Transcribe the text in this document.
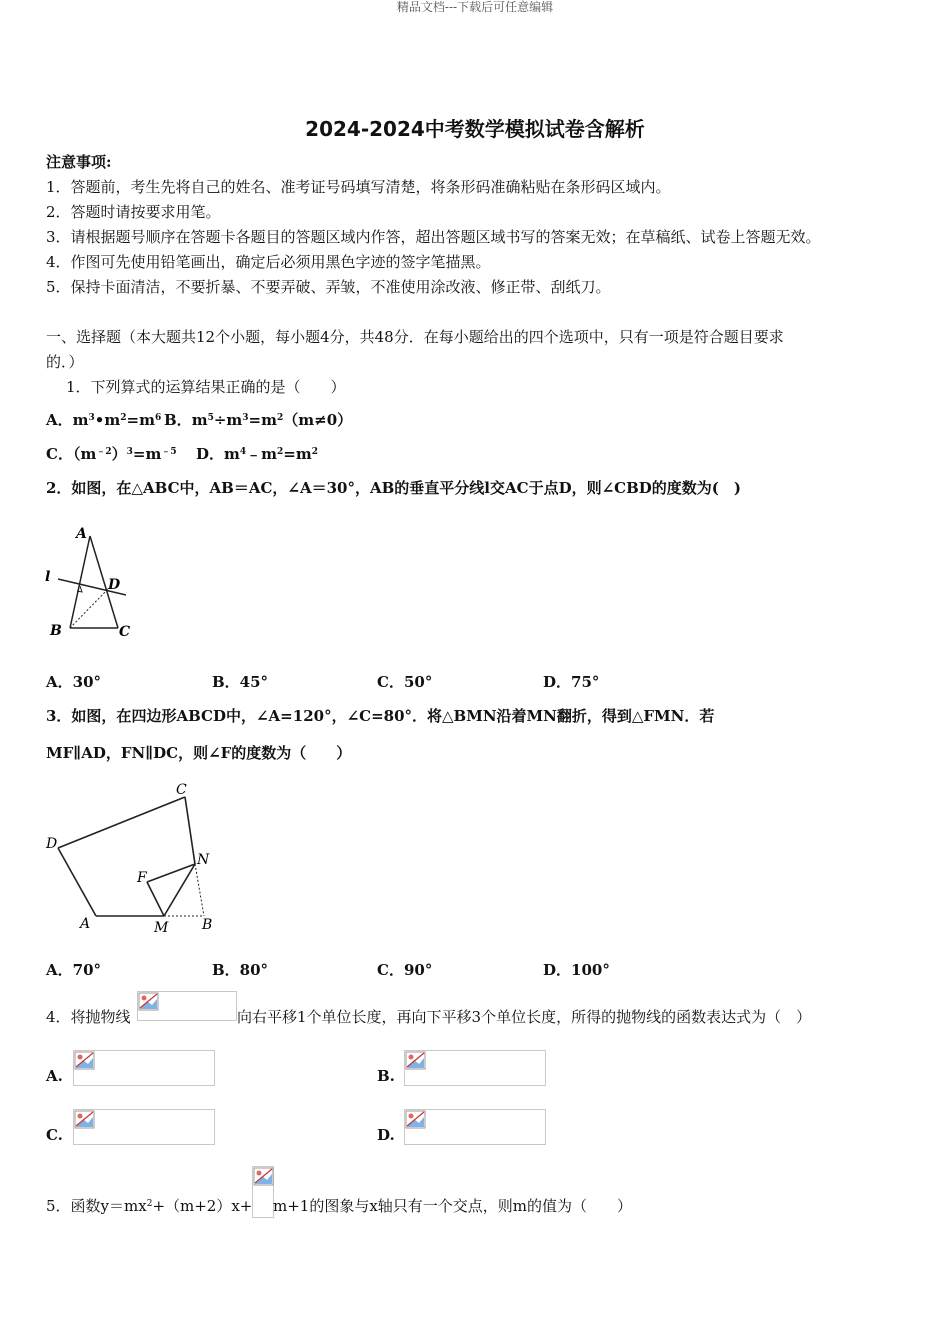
精品文档---下载后可任意编辑
2024-2024中考数学模拟试卷含解析
注意事项:
1．答题前，考生先将自己的姓名、准考证号码填写清楚，将条形码准确粘贴在条形码区域内。
2．答题时请按要求用笔。
3．请根据题号顺序在答题卡各题目的答题区域内作答，超出答题区域书写的答案无效；在草稿纸、试卷上答题无效。
4．作图可先使用铅笔画出，确定后必须用黑色字迹的签字笔描黑。
5．保持卡面清洁，不要折暴、不要弄破、弄皱，不准使用涂改液、修正带、刮纸刀。
一、选择题（本大题共12个小题，每小题4分，共48分．在每小题给出的四个选项中，只有一项是符合题目要求
的．）
1．下列算式的运算结果正确的是（　　）
A．$m^3•m^2=m^6$ B．$m^5\div m^3=m^2(m\ne 0)$
C．$(m^{﹣2})^3=m^{﹣5}$ D．$m^4﹣m^2=m^2$
2．如图，在△ABC中，AB＝AC，∠A＝30°，AB的垂直平分线l交AC于点D，则∠CBD的度数为(　)
A
l	D
B	C
A．30°	B．45°	C．50°	D．75°
3．如图，在四边形ABCD中，∠A=120°，∠C=80°．将△BMN沿着MN翻折，得到△FMN．若
MF∥AD，FN∥DC，则∠F的度数为（　　）
D
C
N
F
A	M B
A．70°	B．80°	C．90°	D．100°
4．将抛物线	向右平移1个单位长度，再向下平移3个单位长度，所得的抛物线的函数表达式为（　）
A.	B.
C.	D.
5．函数$y=mx^2+(m+2)x+ m+1$的图象与x轴只有一个交点，则m的值为（　　）
